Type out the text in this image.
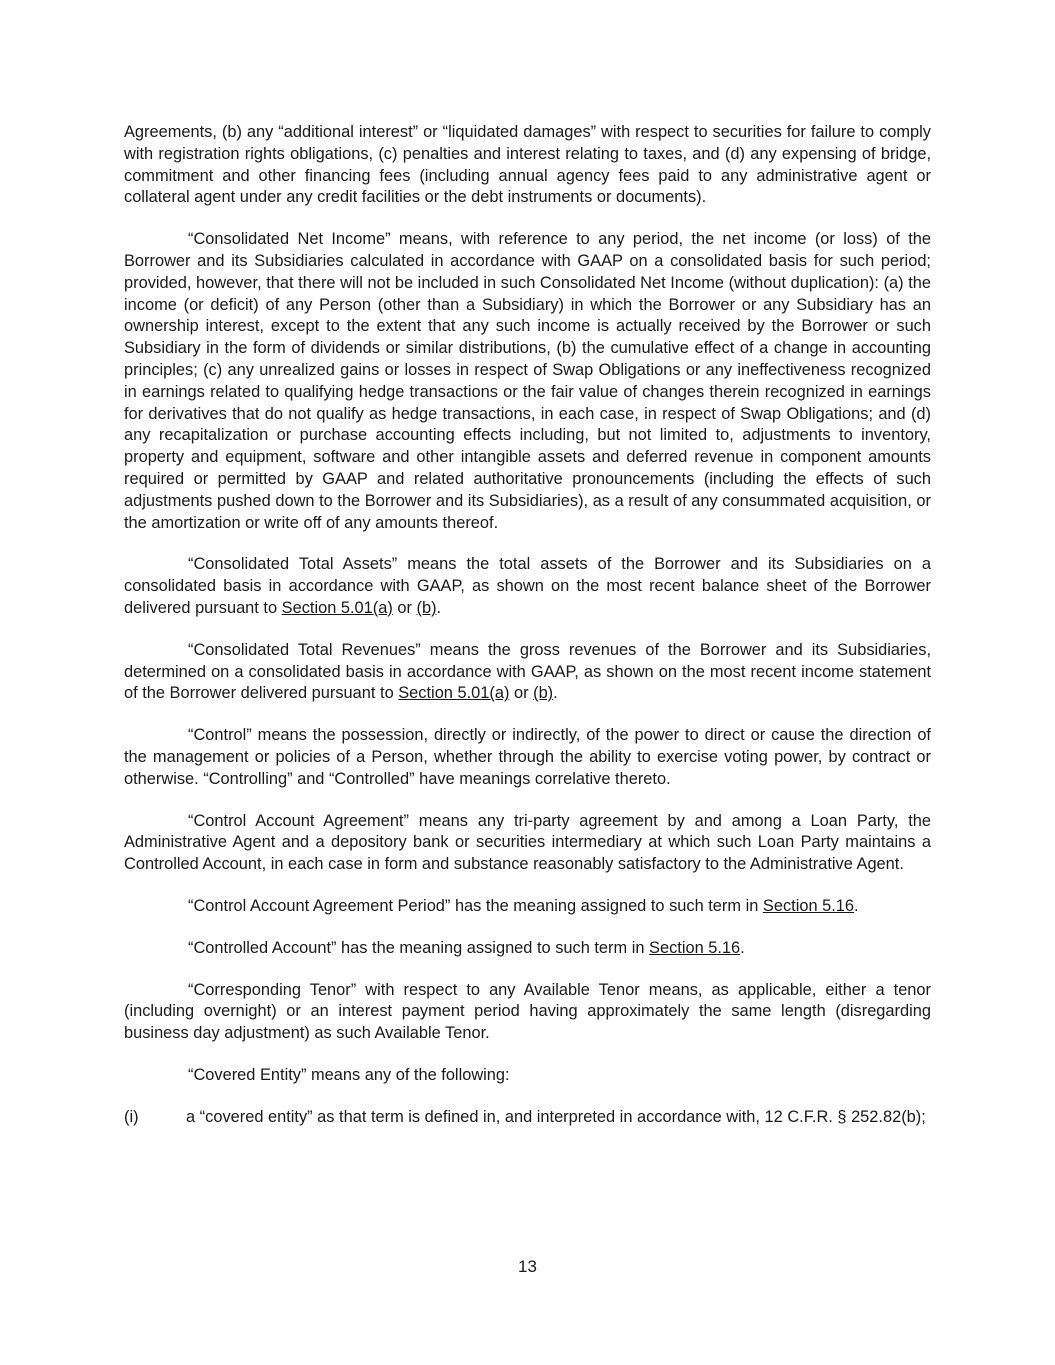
Agreements, (b) any “additional interest” or “liquidated damages” with respect to securities for failure to comply with registration rights obligations, (c) penalties and interest relating to taxes, and (d) any expensing of bridge, commitment and other financing fees (including annual agency fees paid to any administrative agent or collateral agent under any credit facilities or the debt instruments or documents).

“Consolidated Net Income” means, with reference to any period, the net income (or loss) of the Borrower and its Subsidiaries calculated in accordance with GAAP on a consolidated basis for such period; provided, however, that there will not be included in such Consolidated Net Income (without duplication): (a) the income (or deficit) of any Person (other than a Subsidiary) in which the Borrower or any Subsidiary has an ownership interest, except to the extent that any such income is actually received by the Borrower or such Subsidiary in the form of dividends or similar distributions, (b) the cumulative effect of a change in accounting principles; (c) any unrealized gains or losses in respect of Swap Obligations or any ineffectiveness recognized in earnings related to qualifying hedge transactions or the fair value of changes therein recognized in earnings for derivatives that do not qualify as hedge transactions, in each case, in respect of Swap Obligations; and (d) any recapitalization or purchase accounting effects including, but not limited to, adjustments to inventory, property and equipment, software and other intangible assets and deferred revenue in component amounts required or permitted by GAAP and related authoritative pronouncements (including the effects of such adjustments pushed down to the Borrower and its Subsidiaries), as a result of any consummated acquisition, or the amortization or write off of any amounts thereof.

“Consolidated Total Assets” means the total assets of the Borrower and its Subsidiaries on a consolidated basis in accordance with GAAP, as shown on the most recent balance sheet of the Borrower delivered pursuant to Section 5.01(a) or (b).

“Consolidated Total Revenues” means the gross revenues of the Borrower and its Subsidiaries, determined on a consolidated basis in accordance with GAAP, as shown on the most recent income statement of the Borrower delivered pursuant to Section 5.01(a) or (b).

“Control” means the possession, directly or indirectly, of the power to direct or cause the direction of the management or policies of a Person, whether through the ability to exercise voting power, by contract or otherwise. “Controlling” and “Controlled” have meanings correlative thereto.

“Control Account Agreement” means any tri-party agreement by and among a Loan Party, the Administrative Agent and a depository bank or securities intermediary at which such Loan Party maintains a Controlled Account, in each case in form and substance reasonably satisfactory to the Administrative Agent.

“Control Account Agreement Period” has the meaning assigned to such term in Section 5.16.

“Controlled Account” has the meaning assigned to such term in Section 5.16.

“Corresponding Tenor” with respect to any Available Tenor means, as applicable, either a tenor (including overnight) or an interest payment period having approximately the same length (disregarding business day adjustment) as such Available Tenor.

“Covered Entity” means any of the following:

(i)	a “covered entity” as that term is defined in, and interpreted in accordance with, 12 C.F.R. § 252.82(b);

13
